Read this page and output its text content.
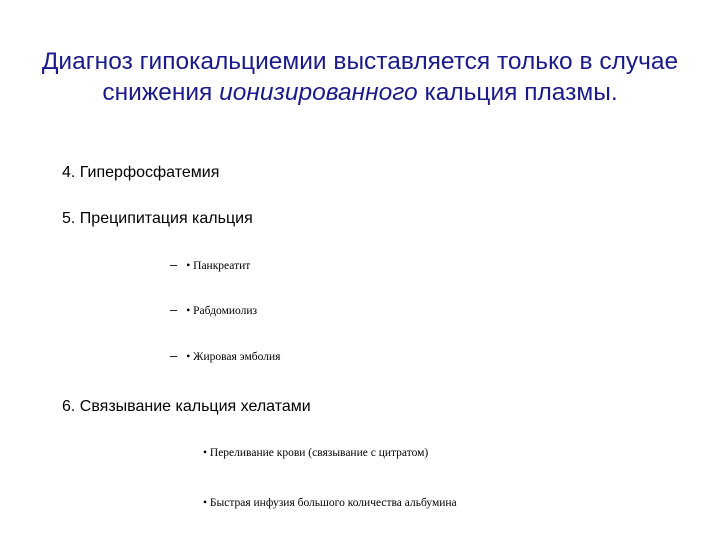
Диагноз гипокальциемии выставляется только в случае снижения ионизированного кальция плазмы.
4. Гиперфосфатемия
5. Преципитация кальция
– • Панкреатит
– • Рабдомиолиз
– • Жировая эмболия
6. Связывание кальция хелатами
• Переливание крови (связывание с цитратом)
• Быстрая инфузия большого количества альбумина
